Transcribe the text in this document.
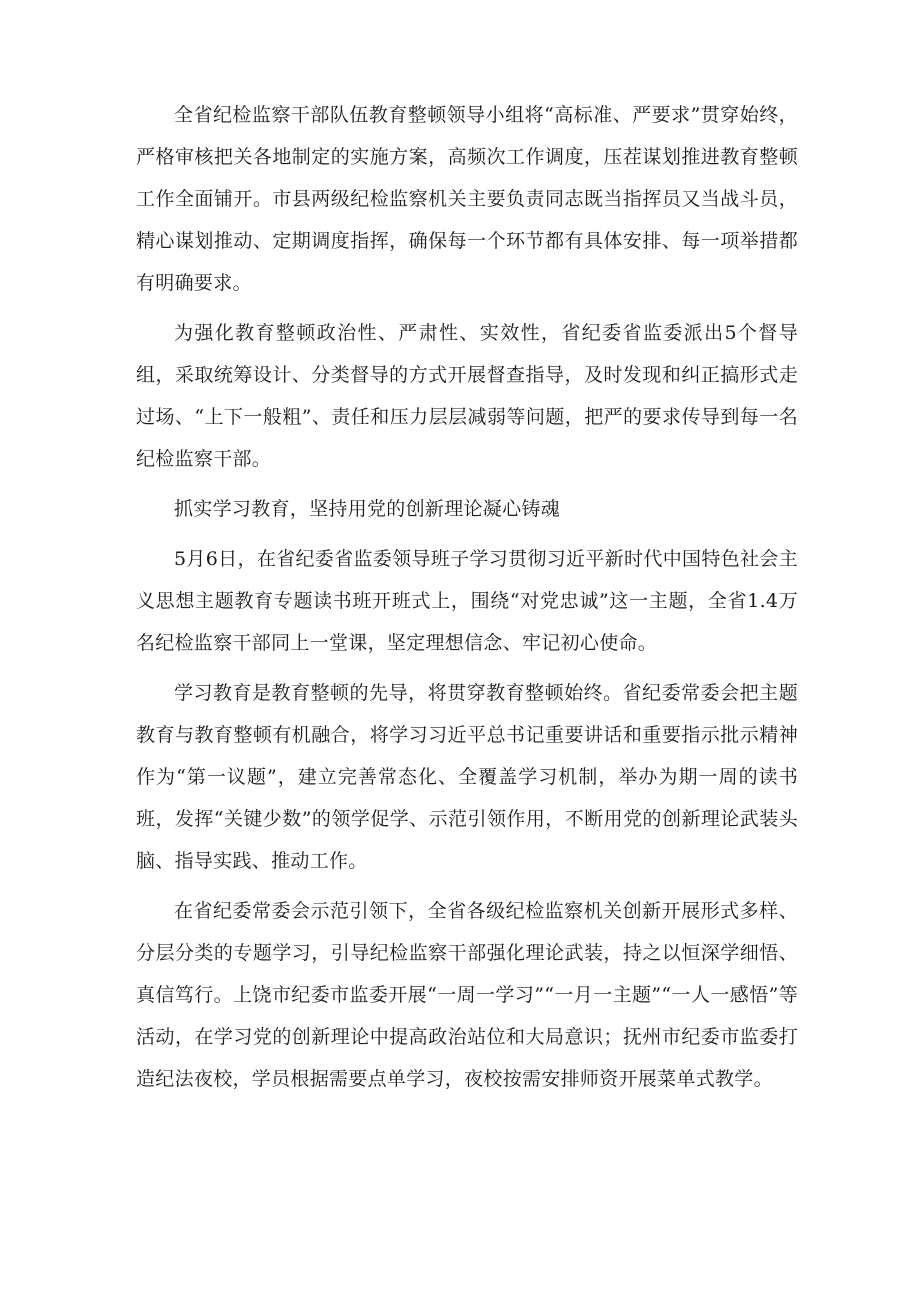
全省纪检监察干部队伍教育整顿领导小组将“高标准、严要求”贯穿始终，严格审核把关各地制定的实施方案，高频次工作调度，压茬谋划推进教育整顿工作全面铺开。市县两级纪检监察机关主要负责同志既当指挥员又当战斗员，精心谋划推动、定期调度指挥，确保每一个环节都有具体安排、每一项举措都有明确要求。

为强化教育整顿政治性、严肃性、实效性，省纪委省监委派出5个督导组，采取统筹设计、分类督导的方式开展督查指导，及时发现和纠正搞形式走过场、“上下一般粗”、责任和压力层层减弱等问题，把严的要求传导到每一名纪检监察干部。

抓实学习教育，坚持用党的创新理论凝心铸魂

5月6日，在省纪委省监委领导班子学习贯彻习近平新时代中国特色社会主义思想主题教育专题读书班开班式上，围绕“对党忠诚”这一主题，全省1.4万名纪检监察干部同上一堂课，坚定理想信念、牢记初心使命。

学习教育是教育整顿的先导，将贯穿教育整顿始终。省纪委常委会把主题教育与教育整顿有机融合，将学习习近平总书记重要讲话和重要指示批示精神作为“第一议题”，建立完善常态化、全覆盖学习机制，举办为期一周的读书班，发挥“关键少数”的领学促学、示范引领作用，不断用党的创新理论武装头脑、指导实践、推动工作。

在省纪委常委会示范引领下，全省各级纪检监察机关创新开展形式多样、分层分类的专题学习，引导纪检监察干部强化理论武装，持之以恒深学细悟、真信笃行。上饶市纪委市监委开展“一周一学习”“一月一主题”“一人一感悟”等活动，在学习党的创新理论中提高政治站位和大局意识；抚州市纪委市监委打造纪法夜校，学员根据需要点单学习，夜校按需安排师资开展菜单式教学。
